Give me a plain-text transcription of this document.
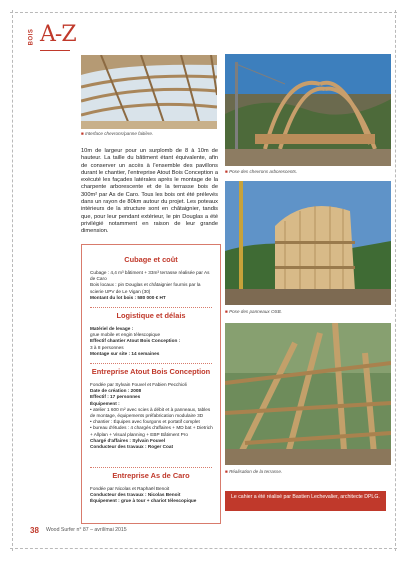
BOIS A-Z
■ Interface chevrons/panne faitière.
■ Pose des chevrons arborescents.
■ Pose des panneaux OSB.
■ Réalisation de la terrasse.
10m de largeur pour un surplomb de 8 à 10m de hauteur. La taille du bâtiment étant équivalente, afin de conserver un accès à l'ensemble des pavillons durant le chantier, l'entreprise Atout Bois Conception a exécuté les façades latérales après le montage de la charpente arborescente et de la terrasse bois de 300m² par As de Caro. Tous les bois ont été prélevés dans un rayon de 80km autour du projet. Les poteaux intérieurs de la structure sont en châtaignier, tandis que, pour leur pendant extérieur, le pin Douglas a été privilégié notamment en raison de leur grande dimension.
Cubage et coût
Cubage : 4,4 m³ bâtiment + 33m³ terrasse réalisée par As de Caro
Bois locaux : pin Douglas et châtaignier fournis par la scierie UPV de Le Vigan (30)
Montant du lot bois : 580 000 € HT
Logistique et délais
Matériel de levage :
grue mobile et engin télescopique
Effectif chantier Atout Bois Conception :
3 à 8 personnes
Montage sur site : 14 semaines
Entreprise Atout Bois Conception
Fondée par Sylvain Fouvel et Fabien Pecchioli
Date de création : 2008
Effectif : 17 personnes
Équipement :
• atelier 1 600 m² avec scies à débit et à panneaux, tables de montage, équipements préfabrication modulaire 3D
• chantier : Équipes avec fourgons et portatif complet
• bureau d'études : 4 chargés d'affaires + MD bat + Dietrich + Allplan + Visual planning + EBP Bâtiment Pro
Chargé d'affaires : Sylvain Fouvel
Conducteur des travaux : Roger Coat
Entreprise As de Caro
Fondée par Nicolas et Raphaël Benoit
Conducteur des travaux : Nicolas Benoit
Équipement : grue à tour + chariot télescopique
Le cahier a été réalisé par Bastien Lechevalier, architecte DPLG.
38 Wood Surfer n° 87 – avril/mai 2015
